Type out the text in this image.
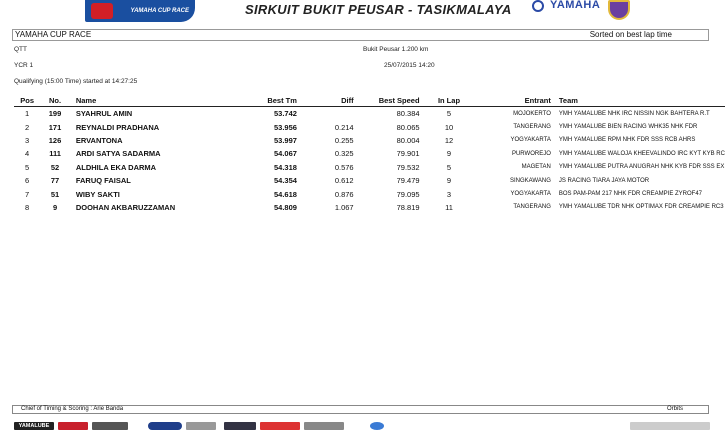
YAMAHA CUP RACE	SIRKUIT BUKIT PEUSAR - TASIKMALAYA	YAMAHA
YAMAHA CUP RACE	Sorted on best lap time
QTT	Bukit Peusar 1.200 km
YCR 1	25/07/2015 14:20
Qualifying (15:00 Time) started at 14:27:25
Pos	No.	Name	Best Tm	Diff	Best Speed	In Lap	Entrant	Team
1	199	SYAHRUL AMIN	53.742		80.384	5	MOJOKERTO	YMH YAMALUBE NHK IRC NISSIN NGK BAHTERA R.T
2	171	REYNALDI PRADHANA	53.956	0.214	80.065	10	TANGERANG	YMH YAMALUBE BIEN RACING WHK35 NHK FDR
3	126	ERVANTONA	53.997	0.255	80.004	12	YOGYAKARTA	YMH YAMALUBE RPM NHK FDR SSS RCB AHRS
4	111	ARDI SATYA SADARMA	54.067	0.325	79.901	9	PURWOREJO	YMH YAMALUBE WALOJA KHEEVALINDO IRC KYT KYB RC
5	52	ALDHILA EKA DARMA	54.318	0.576	79.532	5	MAGETAN	YMH YAMALUBE PUTRA ANUGRAH NHK KYB FDR SSS EX
6	77	FARUQ FAISAL	54.354	0.612	79.479	9	SINGKAWANG	JS RACING TIARA JAYA MOTOR
7	51	WIBY SAKTI	54.618	0.876	79.095	3	YOGYAKARTA	BOS PAM-PAM 217 NHK FDR CREAMPIE ZYROF47
8	9	DOOHAN AKBARUZZAMAN	54.809	1.067	78.819	11	TANGERANG	YMH YAMALUBE TDR NHK OPTIMAX FDR CREAMPIE RC3
Chief of Timing & Scoring : Arie Banda	Orbits
YAMALUBE
